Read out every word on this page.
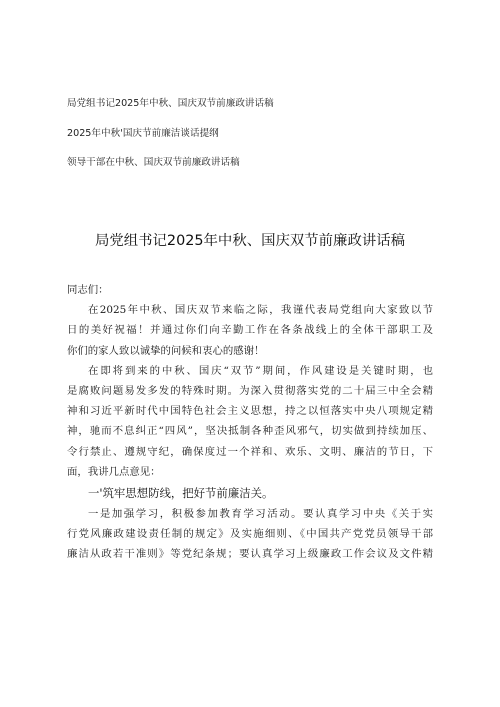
局党组书记2025年中秋、国庆双节前廉政讲话稿
2025年中秋'国庆节前廉洁谈话提纲
领导干部在中秋、国庆双节前廉政讲话稿
局党组书记2025年中秋、国庆双节前廉政讲话稿
同志们：
在2025年中秋、国庆双节来临之际，我谨代表局党组向大家致以节
日的美好祝福！并通过你们向辛勤工作在各条战线上的全体干部职工及
你们的家人致以诚挚的问候和衷心的感谢！
在即将到来的中秋、国庆“双节”期间，作风建设是关键时期，也
是腐败问题易发多发的特殊时期。为深入贯彻落实党的二十届三中全会精
神和习近平新时代中国特色社会主义思想，持之以恒落实中央八项规定精
神，驰而不息纠正“四风”，坚决抵制各种歪风邪气，切实做到持续加压、
令行禁止、遵规守纪，确保度过一个祥和、欢乐、文明、廉洁的节日，下
面，我讲几点意见：
一'筑牢思想防线，把好节前廉洁关。
一是加强学习，积极参加教育学习活动。要认真学习中央《关于实
行党风廉政建设责任制的规定》及实施细则、《中国共产党党员领导干部
廉洁从政若干准则》等党纪条规；要认真学习上级廉政工作会议及文件精
